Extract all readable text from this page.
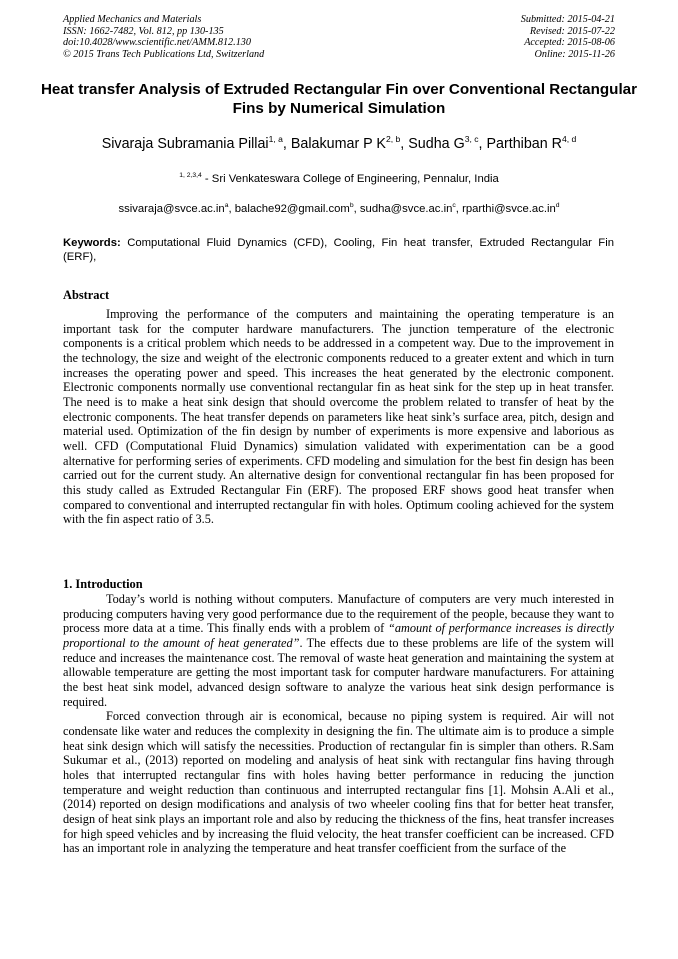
Applied Mechanics and Materials
ISSN: 1662-7482, Vol. 812, pp 130-135
doi:10.4028/www.scientific.net/AMM.812.130
© 2015 Trans Tech Publications Ltd, Switzerland
Submitted: 2015-04-21
Revised: 2015-07-22
Accepted: 2015-08-06
Online: 2015-11-26
Heat transfer Analysis of Extruded Rectangular Fin over Conventional Rectangular Fins by Numerical Simulation
Sivaraja Subramania Pillai$^{1, a}$, Balakumar P K$^{2, b}$, Sudha G$^{3, c}$, Parthiban R$^{4, d}$
$^{1, 2,3,4}$ - Sri Venkateswara College of Engineering, Pennalur, India
$ssivaraja@svce.ac.in^a$, balache92@gmail.com$^b$, $sudha@svce.ac.in^c$, $rparthi@svce.ac.in^d$
Keywords: Computational Fluid Dynamics (CFD), Cooling, Fin heat transfer, Extruded Rectangular Fin (ERF),
Abstract

Improving the performance of the computers and maintaining the operating temperature is an important task for the computer hardware manufacturers. The junction temperature of the electronic components is a critical problem which needs to be addressed in a competent way. Due to the improvement in the technology, the size and weight of the electronic components reduced to a greater extent and which in turn increases the operating power and speed. This increases the heat generated by the electronic component. Electronic components normally use conventional rectangular fin as heat sink for the step up in heat transfer. The need is to make a heat sink design that should overcome the problem related to transfer of heat by the electronic components. The heat transfer depends on parameters like heat sink’s surface area, pitch, design and material used. Optimization of the fin design by number of experiments is more expensive and laborious as well. CFD (Computational Fluid Dynamics) simulation validated with experimentation can be a good alternative for performing series of experiments. CFD modeling and simulation for the best fin design has been carried out for the current study. An alternative design for conventional rectangular fin has been proposed for this study called as Extruded Rectangular Fin (ERF). The proposed ERF shows good heat transfer when compared to conventional and interrupted rectangular fin with holes. Optimum cooling achieved for the system with the fin aspect ratio of 3.5.

1. Introduction

Today’s world is nothing without computers. Manufacture of computers are very much interested in producing computers having very good performance due to the requirement of the people, because they want to process more data at a time. This finally ends with a problem of “amount of performance increases is directly proportional to the amount of heat generated”. The effects due to these problems are life of the system will reduce and increases the maintenance cost. The removal of waste heat generation and maintaining the system at allowable temperature are getting the most important task for computer hardware manufacturers. For attaining the best heat sink model, advanced design software to analyze the various heat sink design performance is required.

Forced convection through air is economical, because no piping system is required. Air will not condensate like water and reduces the complexity in designing the fin. The ultimate aim is to produce a simple heat sink design which will satisfy the necessities. Production of rectangular fin is simpler than others. R.Sam Sukumar et al., (2013) reported on modeling and analysis of heat sink with rectangular fins having through holes that interrupted rectangular fins with holes having better performance in reducing the junction temperature and weight reduction than continuous and interrupted rectangular fins [1]. Mohsin A.Ali et al., (2014) reported on design modifications and analysis of two wheeler cooling fins that for better heat transfer, design of heat sink plays an important role and also by reducing the thickness of the fins, heat transfer increases for high speed vehicles and by increasing the fluid velocity, the heat transfer coefficient can be increased. CFD has an important role in analyzing the temperature and heat transfer coefficient from the surface of the
